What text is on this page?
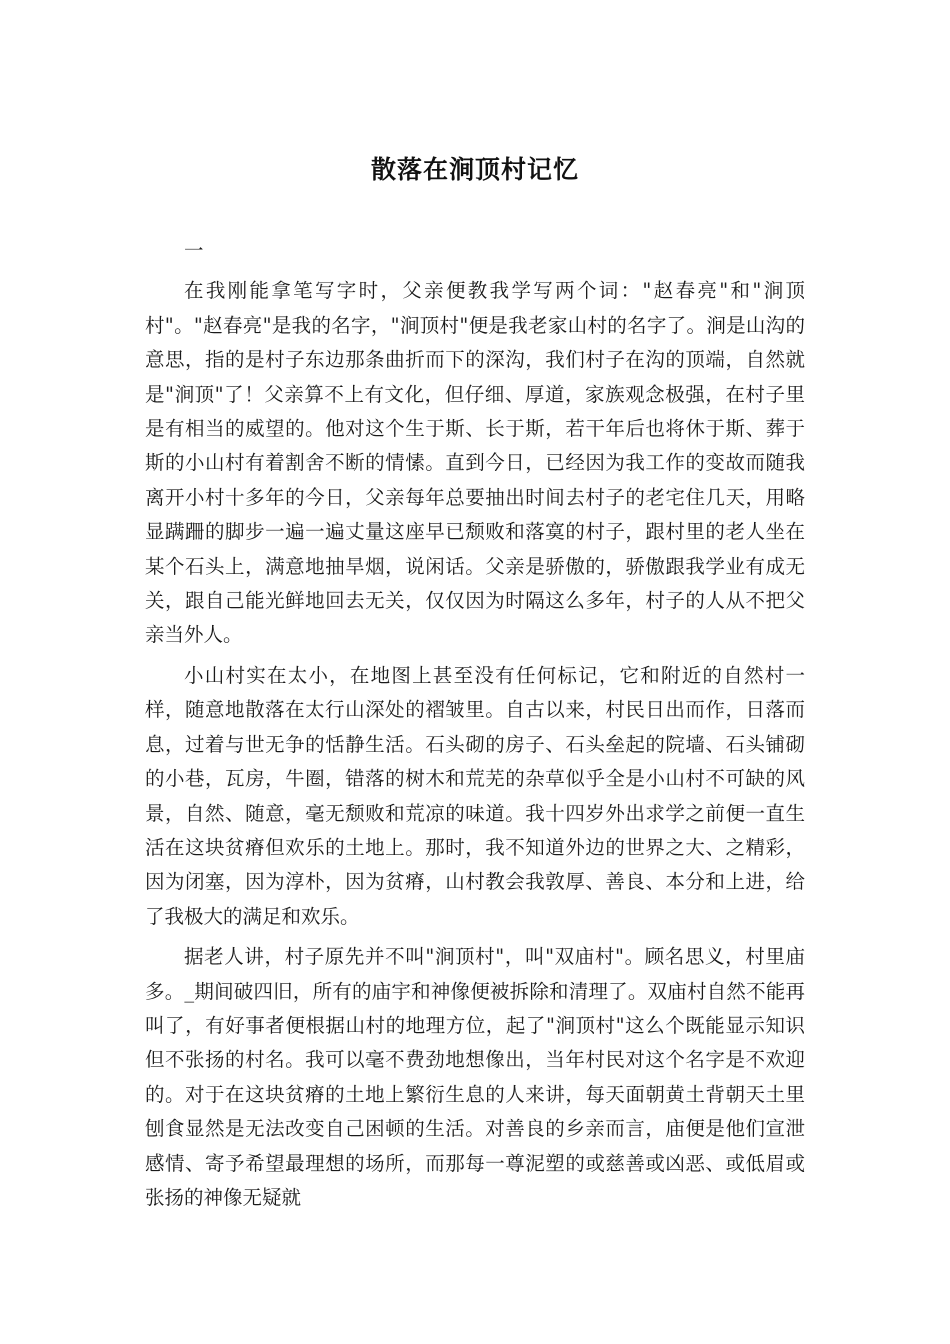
散落在涧顶村记忆

一

在我刚能拿笔写字时，父亲便教我学写两个词："赵春亮"和"涧顶村"。"赵春亮"是我的名字，"涧顶村"便是我老家山村的名字了。涧是山沟的意思，指的是村子东边那条曲折而下的深沟，我们村子在沟的顶端，自然就是"涧顶"了！父亲算不上有文化，但仔细、厚道，家族观念极强，在村子里是有相当的威望的。他对这个生于斯、长于斯，若干年后也将休于斯、葬于斯的小山村有着割舍不断的情愫。直到今日，已经因为我工作的变故而随我离开小村十多年的今日，父亲每年总要抽出时间去村子的老宅住几天，用略显蹒跚的脚步一遍一遍丈量这座早已颓败和落寞的村子，跟村里的老人坐在某个石头上，满意地抽旱烟，说闲话。父亲是骄傲的，骄傲跟我学业有成无关，跟自己能光鲜地回去无关，仅仅因为时隔这么多年，村子的人从不把父亲当外人。

小山村实在太小，在地图上甚至没有任何标记，它和附近的自然村一样，随意地散落在太行山深处的褶皱里。自古以来，村民日出而作，日落而息，过着与世无争的恬静生活。石头砌的房子、石头垒起的院墙、石头铺砌的小巷，瓦房，牛圈，错落的树木和荒芜的杂草似乎全是小山村不可缺的风景，自然、随意，毫无颓败和荒凉的味道。我十四岁外出求学之前便一直生活在这块贫瘠但欢乐的土地上。那时，我不知道外边的世界之大、之精彩，因为闭塞，因为淳朴，因为贫瘠，山村教会我敦厚、善良、本分和上进，给了我极大的满足和欢乐。

据老人讲，村子原先并不叫"涧顶村"，叫"双庙村"。顾名思义，村里庙多。_期间破四旧，所有的庙宇和神像便被拆除和清理了。双庙村自然不能再叫了，有好事者便根据山村的地理方位，起了"涧顶村"这么个既能显示知识但不张扬的村名。我可以毫不费劲地想像出，当年村民对这个名字是不欢迎的。对于在这块贫瘠的土地上繁衍生息的人来讲，每天面朝黄土背朝天土里刨食显然是无法改变自己困顿的生活。对善良的乡亲而言，庙便是他们宣泄感情、寄予希望最理想的场所，而那每一尊泥塑的或慈善或凶恶、或低眉或张扬的神像无疑就
